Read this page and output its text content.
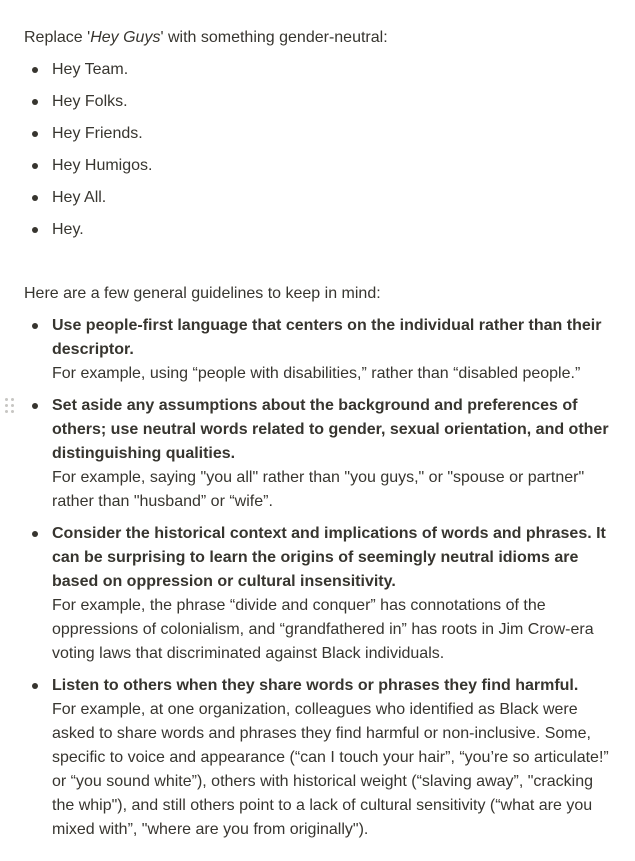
Replace 'Hey Guys' with something gender-neutral:

Hey Team.
Hey Folks.
Hey Friends.
Hey Humigos.
Hey All.
Hey.

Here are a few general guidelines to keep in mind:

Use people-first language that centers on the individual rather than their descriptor.
For example, using “people with disabilities,” rather than “disabled people.”
Set aside any assumptions about the background and preferences of others; use neutral words related to gender, sexual orientation, and other distinguishing qualities.
For example, saying "you all" rather than "you guys," or "spouse or partner" rather than "husband” or “wife”.
Consider the historical context and implications of words and phrases. It can be surprising to learn the origins of seemingly neutral idioms are based on oppression or cultural insensitivity.
For example, the phrase “divide and conquer” has connotations of the oppressions of colonialism, and “grandfathered in” has roots in Jim Crow-era voting laws that discriminated against Black individuals.
Listen to others when they share words or phrases they find harmful.
For example, at one organization, colleagues who identified as Black were asked to share words and phrases they find harmful or non-inclusive. Some, specific to voice and appearance (“can I touch your hair”, “you’re so articulate!” or “you sound white”), others with historical weight (“slaving away”, "cracking the whip"), and still others point to a lack of cultural sensitivity (“what are you mixed with”, "where are you from originally").
